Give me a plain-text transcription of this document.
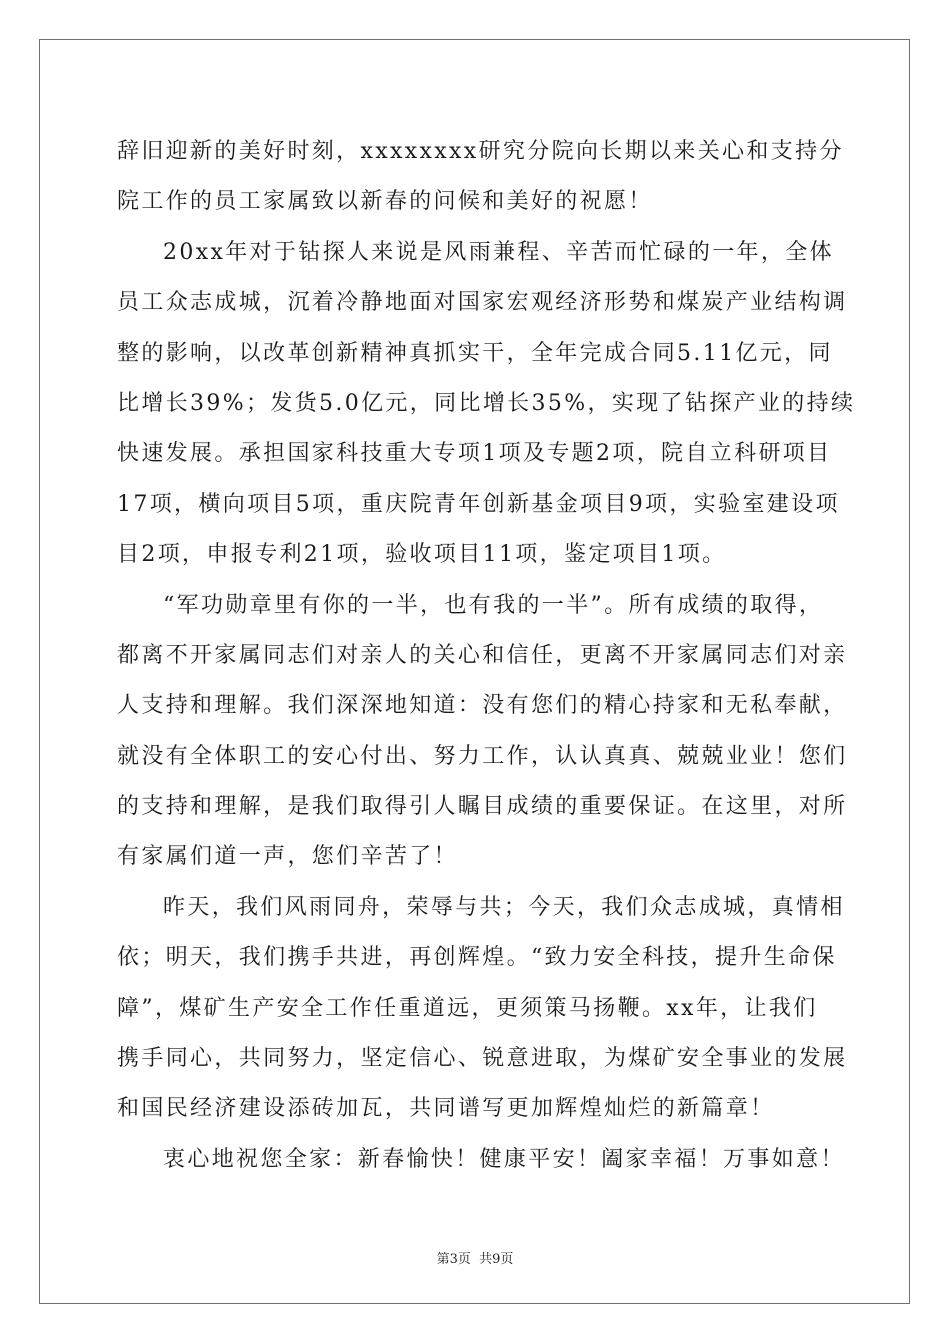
辞旧迎新的美好时刻，xxxxxxxx研究分院向长期以来关心和支持分
院工作的员工家属致以新春的问候和美好的祝愿！
20xx年对于钻探人来说是风雨兼程、辛苦而忙碌的一年，全体
员工众志成城，沉着冷静地面对国家宏观经济形势和煤炭产业结构调
整的影响，以改革创新精神真抓实干，全年完成合同5.11亿元，同
比增长39%；发货5.0亿元，同比增长35%，实现了钻探产业的持续
快速发展。承担国家科技重大专项1项及专题2项，院自立科研项目
17项，横向项目5项，重庆院青年创新基金项目9项，实验室建设项
目2项，申报专利21项，验收项目11项，鉴定项目1项。
“军功勋章里有你的一半，也有我的一半”。所有成绩的取得，
都离不开家属同志们对亲人的关心和信任，更离不开家属同志们对亲
人支持和理解。我们深深地知道：没有您们的精心持家和无私奉献，
就没有全体职工的安心付出、努力工作，认认真真、兢兢业业！您们
的支持和理解，是我们取得引人瞩目成绩的重要保证。在这里，对所
有家属们道一声，您们辛苦了！
昨天，我们风雨同舟，荣辱与共；今天，我们众志成城，真情相
依；明天，我们携手共进，再创辉煌。“致力安全科技，提升生命保
障”，煤矿生产安全工作任重道远，更须策马扬鞭。xx年，让我们
携手同心，共同努力，坚定信心、锐意进取，为煤矿安全事业的发展
和国民经济建设添砖加瓦，共同谱写更加辉煌灿烂的新篇章！
衷心地祝您全家：新春愉快！健康平安！阖家幸福！万事如意！
第3页 共9页
